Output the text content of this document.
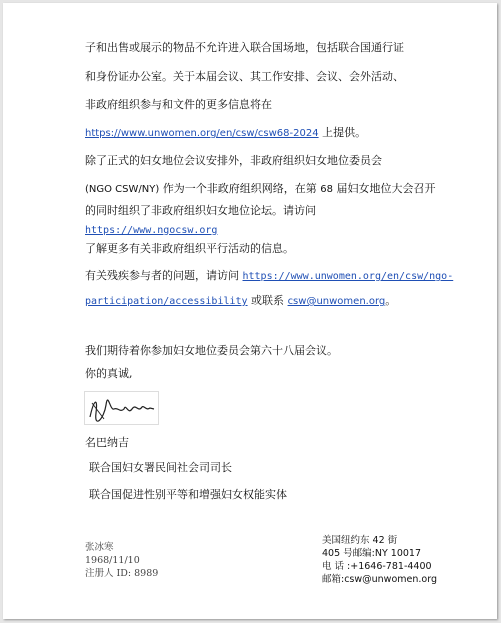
子和出售或展示的物品不允许进入联合国场地，包括联合国通行证
和身份证办公室。关于本届会议、其工作安排、会议、会外活动、
非政府组织参与和文件的更多信息将在
https://www.unwomen.org/en/csw/csw68-2024 上提供。
除了正式的妇女地位会议安排外，非政府组织妇女地位委员会
(NGO CSW/NY) 作为一个非政府组织网络，在第 68 届妇女地位大会召开
的同时组织了非政府组织妇女地位论坛。请访问
https://www.ngocsw.org
了解更多有关非政府组织平行活动的信息。
有关残疾参与者的问题，请访问 https://www.unwomen.org/en/csw/ngo-
participation/accessibility 或联系 csw@unwomen.org。
我们期待着你参加妇女地位委员会第六十八届会议。
你的真诚,
Ana Bonijia
名巴纳吉
联合国妇女署民间社会司司长
联合国促进性别平等和增强妇女权能实体
张冰寒
1968/11/10
注册人 ID: 8989
美国纽约东 42 街
405 号邮编:NY 10017
电 话 :+1646-781-4400
邮箱:csw@unwomen.org
